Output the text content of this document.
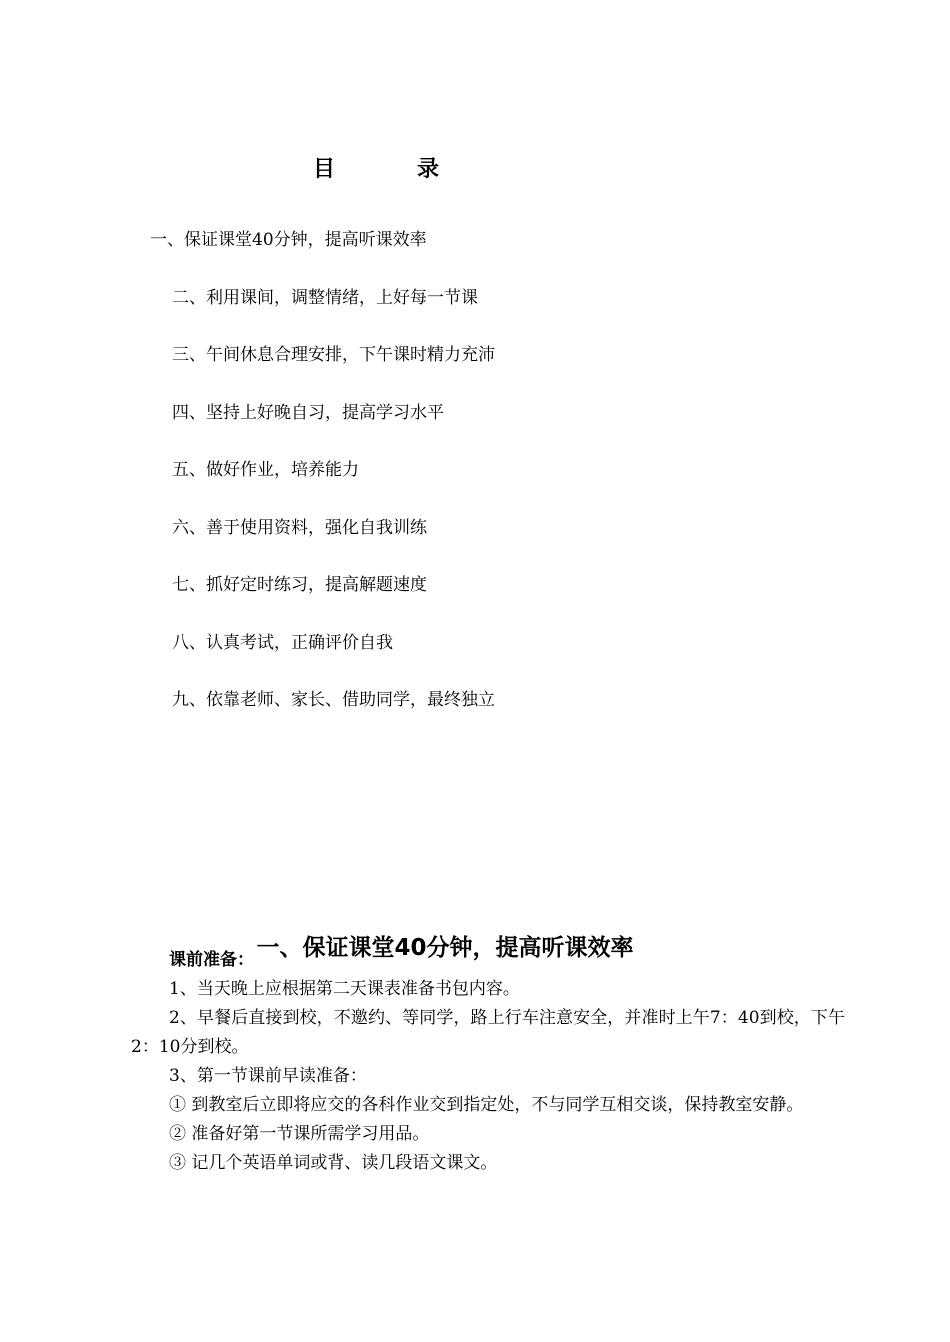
目　录
一、保证课堂40分钟，提高听课效率
二、利用课间，调整情绪，上好每一节课
三、午间休息合理安排，下午课时精力充沛
四、坚持上好晚自习，提高学习水平
五、做好作业，培养能力
六、善于使用资料，强化自我训练
七、抓好定时练习，提高解题速度
八、认真考试，正确评价自我
九、依靠老师、家长、借助同学，最终独立
一、保证课堂40分钟，提高听课效率

课前准备：

1、当天晚上应根据第二天课表准备书包内容。

2、早餐后直接到校，不邀约、等同学，路上行车注意安全，并准时上午7：40到校，下午2：10分到校。

3、第一节课前早读准备：

① 到教室后立即将应交的各科作业交到指定处，不与同学互相交谈，保持教室安静。

② 准备好第一节课所需学习用品。

③ 记几个英语单词或背、读几段语文课文。
